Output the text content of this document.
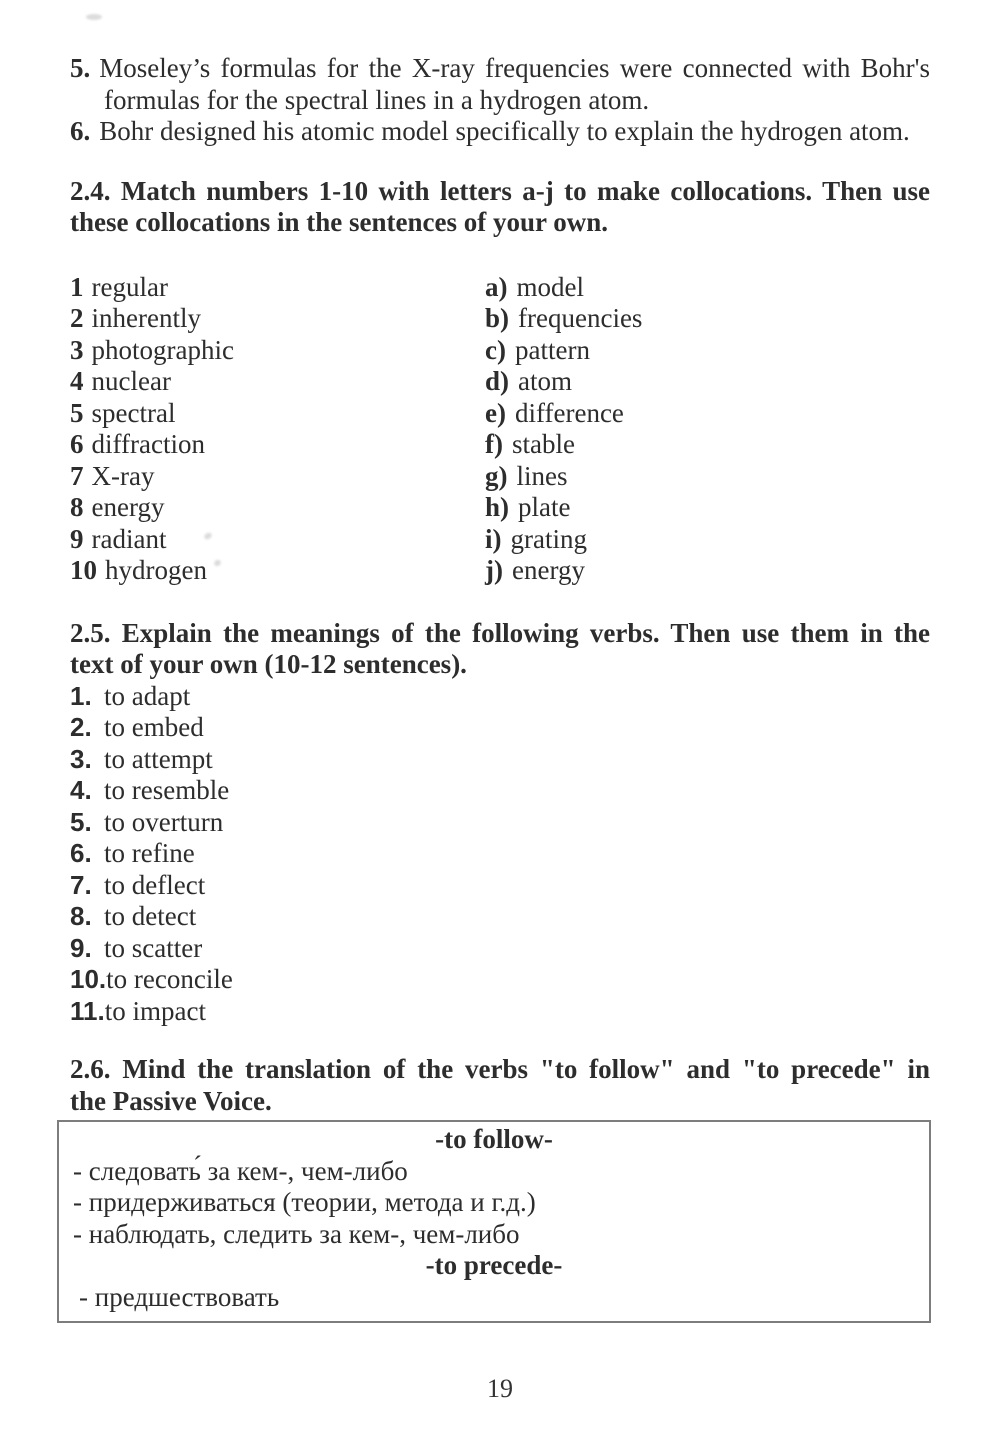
5. Moseley’s formulas for the X-ray frequencies were connected with Bohr's
formulas for the spectral lines in a hydrogen atom.
6. Bohr designed his atomic model specifically to explain the hydrogen atom.
2.4. Match numbers 1-10 with letters a-j to make collocations. Then use
these collocations in the sentences of your own.
1 regular	a) model
2 inherently	b) frequencies
3 photographic	c) pattern
4 nuclear	d) atom
5 spectral	e) difference
6 diffraction	f) stable
7 X-ray	g) lines
8 energy	h) plate
9 radiant	i) grating
10 hydrogen	j) energy
2.5. Explain the meanings of the following verbs. Then use them in the
text of your own (10-12 sentences).
1. to adapt
2. to embed
3. to attempt
4. to resemble
5. to overturn
6. to refine
7. to deflect
8. to detect
9. to scatter
10.to reconcile
11.to impact
2.6. Mind the translation of the verbs "to follow" and "to precede" in
the Passive Voice.
-to follow-
- следовать́ за кем-, чем-либо
- придерживаться (теории, метода и г.д.)
- наблюдать, следить за кем-, чем-либо
-to precede-
- предшествовать
19
